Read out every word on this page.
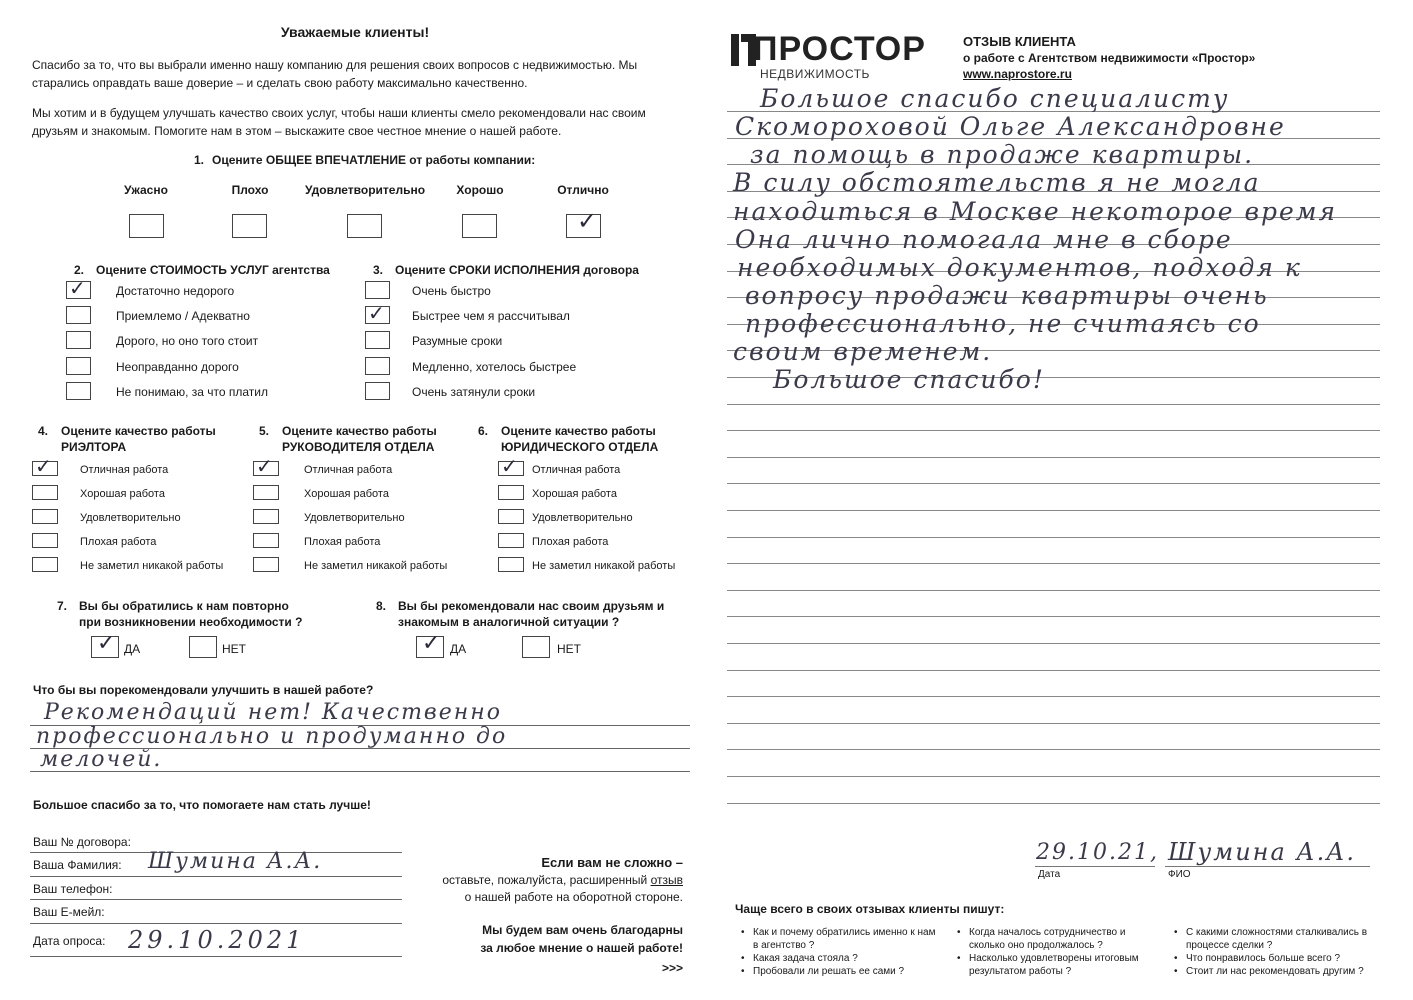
Уважаемые клиенты!
Спасибо за то, что вы выбрали именно нашу компанию для решения своих вопросов с недвижимостью. Мы старались оправдать ваше доверие – и сделать свою работу максимально качественно.
Мы хотим и в будущем улучшать качество своих услуг, чтобы наши клиенты смело рекомендовали нас своим друзьям и знакомым. Помогите нам в этом – выскажите свое честное мнение о нашей работе.
1. Оцените ОБЩЕЕ ВПЕЧАТЛЕНИЕ от работы компании:
Ужасно	Плохо	Удовлетворительно	Хорошо	Отлично
✓
2. Оцените СТОИМОСТЬ УСЛУГ агентства
✓	Достаточно недорого
Приемлемо / Адекватно
Дорого, но оно того стоит
Неоправданно дорого
Не понимаю, за что платил
3. Оцените СРОКИ ИСПОЛНЕНИЯ договора
Очень быстро
✓ Быстрее чем я рассчитывал
Разумные сроки
Медленно, хотелось быстрее
Очень затянули сроки
4. Оцените качество работы
РИЭЛТОРА
✓	Отличная работа
Хорошая работа
Удовлетворительно
Плохая работа
Не заметил никакой работы
5. Оцените качество работы
РУКОВОДИТЕЛЯ ОТДЕЛА
✓	Отличная работа
Хорошая работа
Удовлетворительно
Плохая работа
Не заметил никакой работы
6. Оцените качество работы
ЮРИДИЧЕСКОГО ОТДЕЛА
✓ Отличная работа
Хорошая работа
Удовлетворительно
Плохая работа
Не заметил никакой работы
7. Вы бы обратились к нам повторно
при возникновении необходимости ?
✓ ДА	НЕТ
8. Вы бы рекомендовали нас своим друзьям и
знакомым в аналогичной ситуации ?
✓ ДА	НЕТ
Что бы вы порекомендовали улучшить в нашей работе?
Рекомендаций нет! Качественно
профессионально и продуманно до
мелочей.
Большое спасибо за то, что помогаете нам стать лучше!
Ваш № договора:
Ваша Фамилия: Шумина А.А.
Ваш телефон:
Ваш Е-мейл:
Дата опроса: 29.10.2021
Если вам не сложно –
оставьте, пожалуйста, расширенный отзыв
о нашей работе на оборотной стороне.
Мы будем вам очень благодарны
за любое мнение о нашей работе!
>>>
ПРОСТОР
НЕДВИЖИМОСТЬ
ОТЗЫВ КЛИЕНТА
о работе с Агентством недвижимости «Простор»
www.naprostore.ru
Большое спасибо специалисту
Скомороховой Ольге Александровне
за помощь в продаже квартиры.
В силу обстоятельств я не могла
находиться в Москве некоторое время
Она лично помогала мне в сборе
необходимых документов, подходя к
вопросу продажи квартиры очень
профессионально, не считаясь со
своим временем.
Большое спасибо!
29.10.21, Шумина А.А.
Дата	ФИО
Чаще всего в своих отзывах клиенты пишут:
• Как и почему обратились именно к нам в агентство ?
• Какая задача стояла ?
• Пробовали ли решать ее сами ?
• Когда началось сотрудничество и сколько оно продолжалось ?
• Насколько удовлетворены итоговым результатом работы ?
• С какими сложностями сталкивались в процессе сделки ?
• Что понравилось больше всего ?
• Стоит ли нас рекомендовать другим ?
